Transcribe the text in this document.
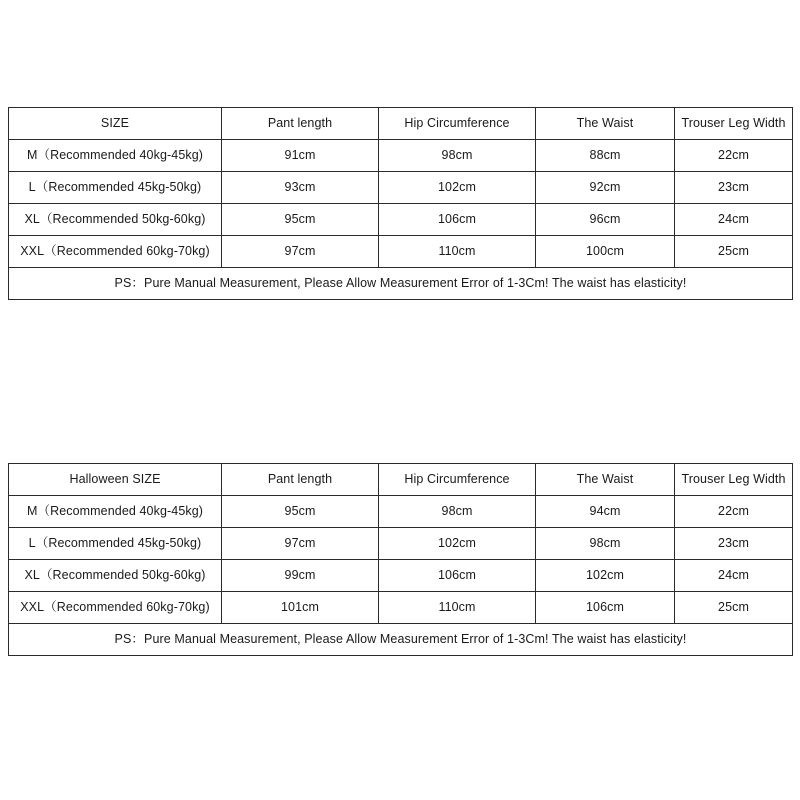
SIZE	Pant length	Hip Circumference	The Waist	Trouser Leg Width
M（Recommended 40kg-45kg)	91cm	98cm	88cm	22cm
L（Recommended 45kg-50kg)	93cm	102cm	92cm	23cm
XL（Recommended 50kg-60kg)	95cm	106cm	96cm	24cm
XXL（Recommended 60kg-70kg)	97cm	110cm	100cm	25cm
PS：Pure Manual Measurement, Please Allow Measurement Error of 1-3Cm! The waist has elasticity!				
Halloween SIZE	Pant length	Hip Circumference	The Waist	Trouser Leg Width
M（Recommended 40kg-45kg)	95cm	98cm	94cm	22cm
L（Recommended 45kg-50kg)	97cm	102cm	98cm	23cm
XL（Recommended 50kg-60kg)	99cm	106cm	102cm	24cm
XXL（Recommended 60kg-70kg)	101cm	110cm	106cm	25cm
PS：Pure Manual Measurement, Please Allow Measurement Error of 1-3Cm! The waist has elasticity!				
